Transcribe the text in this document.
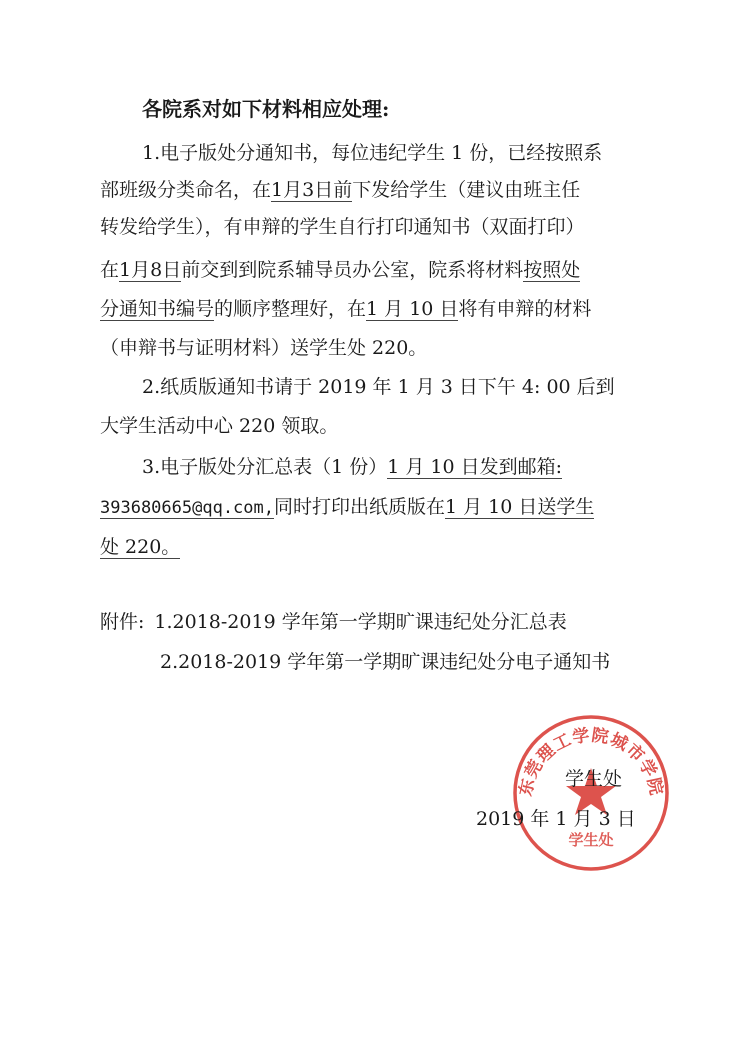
各院系对如下材料相应处理:
1.电子版处分通知书，每位违纪学生 1 份，已经按照系
部班级分类命名，在1月3日前下发给学生（建议由班主任
转发给学生），有申辩的学生自行打印通知书（双面打印）
在1月8日前交到到院系辅导员办公室，院系将材料按照处
分通知书编号的顺序整理好，在1 月 10 日将有申辩的材料
（申辩书与证明材料）送学生处 220。
2.纸质版通知书请于 2019 年 1 月 3 日下午 4: 00 后到
大学生活动中心 220 领取。
3.电子版处分汇总表（1 份）1 月 10 日发到邮箱:
393680665@qq.com,同时打印出纸质版在1 月 10 日送学生
处 220。
附件: 1.2018-2019 学年第一学期旷课违纪处分汇总表
2.2018-2019 学年第一学期旷课违纪处分电子通知书
东莞理工学院城市学院
学生处
学生处
2019 年 1 月 3 日
